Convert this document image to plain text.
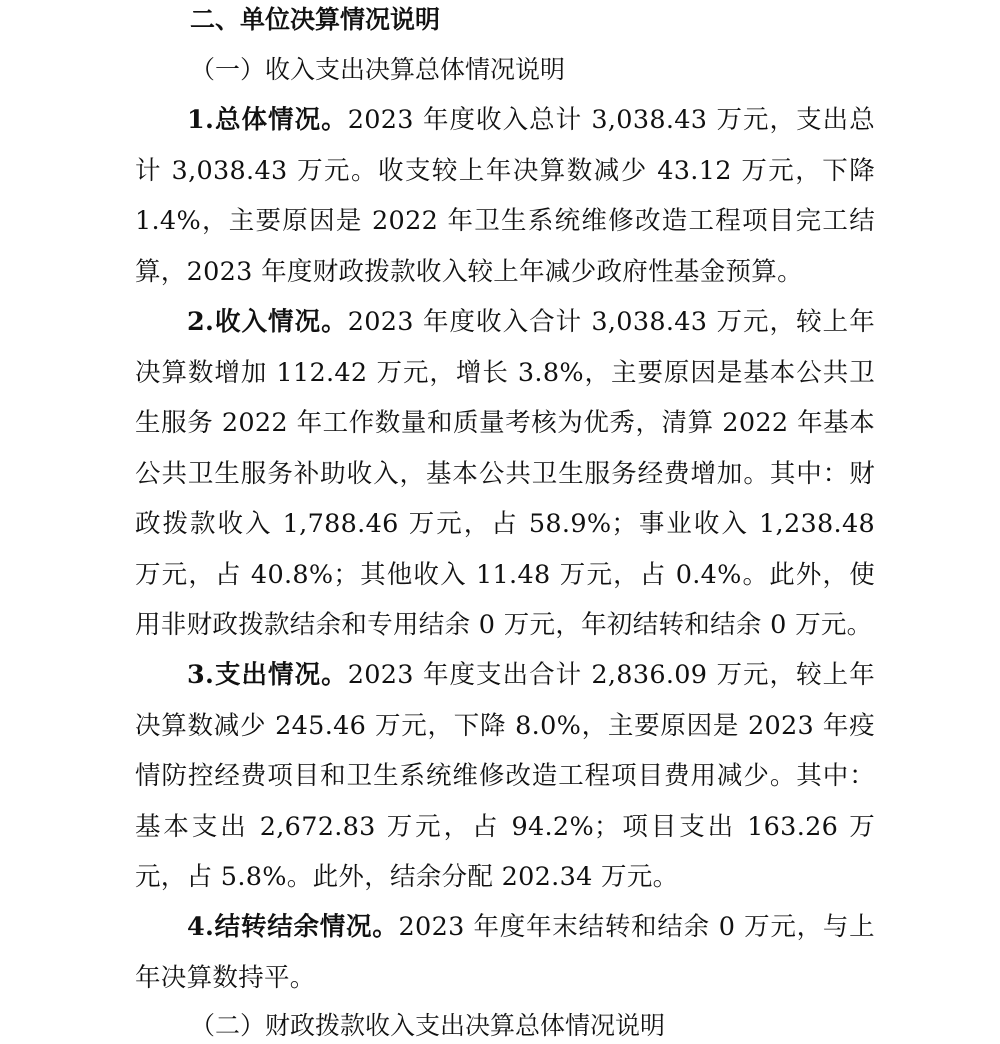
二、单位决算情况说明
（一）收入支出决算总体情况说明
1.总体情况。2023 年度收入总计 3,038.43 万元，支出总计 3,038.43 万元。收支较上年决算数减少 43.12 万元，下降 1.4%，主要原因是 2022 年卫生系统维修改造工程项目完工结算，2023 年度财政拨款收入较上年减少政府性基金预算。
2.收入情况。2023 年度收入合计 3,038.43 万元，较上年决算数增加 112.42 万元，增长 3.8%，主要原因是基本公共卫生服务 2022 年工作数量和质量考核为优秀，清算 2022 年基本公共卫生服务补助收入，基本公共卫生服务经费增加。其中：财政拨款收入 1,788.46 万元，占 58.9%；事业收入 1,238.48 万元，占 40.8%；其他收入 11.48 万元，占 0.4%。此外，使用非财政拨款结余和专用结余 0 万元，年初结转和结余 0 万元。
3.支出情况。2023 年度支出合计 2,836.09 万元，较上年决算数减少 245.46 万元，下降 8.0%，主要原因是 2023 年疫情防控经费项目和卫生系统维修改造工程项目费用减少。其中：基本支出 2,672.83 万元，占 94.2%；项目支出 163.26 万元，占 5.8%。此外，结余分配 202.34 万元。
4.结转结余情况。2023 年度年末结转和结余 0 万元，与上年决算数持平。
（二）财政拨款收入支出决算总体情况说明
